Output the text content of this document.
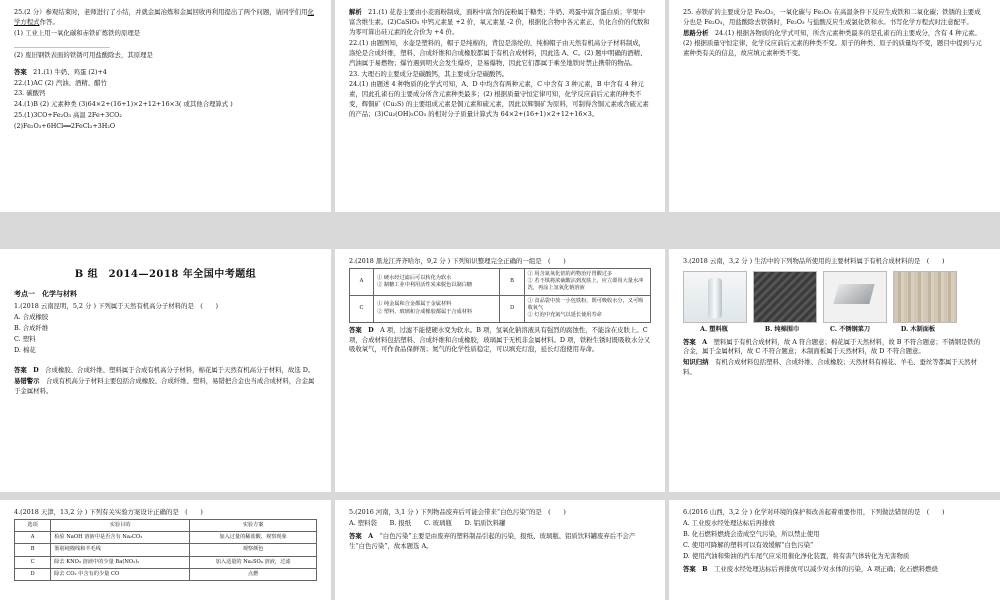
25.(2 分）参观结束时，老师进行了小结，并就金属冶炼和金属回收再利用提出了两个问题，请同学们用化学方程式作答。

(1) 工业上用一氧化碳和赤铁矿炼铁的原理是

______________________________

(2) 废旧钢铁表面的铁锈可用盐酸除去，其原理是

答案　 21.(1) 牛奶、鸡蛋 (2)+4

22.(1)AC (2) 汽油、酒精、醋竹

23. 碳酸钙

24.(1)B (2) 元素种类 (3)64×2+(16+1)×2+12+16×3( 或其他合理算式 )

25.(1)3CO+Fe₂O₃ 高温 2Fe+3CO₂

(2)Fe₂O₃+6HCl══2FeCl₃+3H₂O

解析　 21.(1) 花卷主要由小麦面粉制成，面粉中富含的淀粉属于糖类；牛奶、鸡蛋中富含蛋白质；苹果中富含维生素。(2)CaSiO₃ 中钙元素显 +2 价，氧元素显 -2 价，根据化合物中各元素正、负化合价的代数和为零可算出硅元素的化合价为 +4 价。

22.(1) 由题图知，水壶是塑料的，帽子是纯棉的，背包是涤纶的，纯棉帽子由天然有机高分子材料制成，涤纶是合成纤维，塑料、合成纤维和合成橡胶都属于有机合成材料，因此选 A、C。(2) 题中明确的酒精、汽油属于易燃物；爆竹遇到明火会发生爆炸，是易爆物，因此它们都属于乘坐地铁时禁止携带的物品。

23. 大理石的主要成分是碳酸钙，其主要成分是碳酸钙。

24.(1) 由题述 4 种物质的化学式可知，A、D 中均含有两种元素，C 中含有 3 种元素，B 中含有 4 种元素，因此孔雀石的主要成分所含元素种类最多；(2) 根据质量守恒定律可知，化学反应前后元素的种类不变，辉铜矿 (Cu₂S) 的主要组成元素是铜元素和硫元素，因此以辉铜矿为原料，可制得含铜元素或含硫元素的产品；(3)Cu₂(OH)₂CO₃ 的相对分子质量计算式为 64×2+(16+1)×2+12+16×3。

25. 赤铁矿的主要成分是 Fe₂O₃，一氧化碳与 Fe₂O₃ 在高温条件下反应生成铁和二氧化碳；铁锈的主要成分也是 Fe₂O₃，用盐酸除去铁锈时，Fe₂O₃ 与盐酸反应生成氯化铁和水。书写化学方程式时注意配平。

思路分析　 24.(1) 根据各物质的化学式可知，所含元素种类最多的是孔雀石的主要成分，含有 4 种元素。(2) 根据质量守恒定律，化学反应前后元素的种类不变。原子的种类、原子的质量均不变，题目中提到与元素种类有关的信息，故应填元素种类不变。

B 组　2014—2018 年全国中考题组
考点一　化学与材料

1.(2018 云南昆明，5,2 分 ) 下列属于天然有机高分子材料的是　(　　)

A. 合成橡胶

B. 合成纤维

C. 塑料

D. 棉花

答案　 D　 合成橡胶、合成纤维、塑料属于合成有机高分子材料，棉花属于天然有机高分子材料，故选 D。

易错警示　 合成有机高分子材料主要包括合成橡胶、合成纤维、塑料，易错把合金也当成合成材料，合金属于金属材料。

2.(2018 黑龙江齐齐哈尔，9,2 分 ) 下列知识整理完全正确的一组是　(　　)

A	① 硬水经过滤后可以转化为软水
② 制糖工业中利用活性炭来脱色以制白糖	B	① 用含氮氧化铝的药物治疗胃酸过多
② 若不慎将浓硫酸沾到皮肤上，应立即用大量水冲洗，再涂上氢氧化钠溶液
C	① 纯金属和合金都属于金属材料
② 塑料、玻璃和合成橡胶都属于合成材料	D	① 食品袋中放一小包铁粉，既可吸收水分，又可吸收氧气
② 灯泡中充氮气以延长使用寿命

答案　 D　 A 项，过滤不能使硬水变为软水。B 项，氢氧化钠溶液具有强烈的腐蚀性，不能涂在皮肤上。C 项，合成材料包括塑料、合成纤维和合成橡胶，玻璃属于无机非金属材料。D 项，铁粉生锈时既吸收水分又吸收氧气，可作食品保鲜剂；氮气的化学性质稳定，可以填充灯泡，延长灯泡使用寿命。

3.(2018 云南，3,2 分 ) 生活中的下列物品所使用的主要材料属于有机合成材料的是　(　　)

A. 塑料瓶	B. 纯棉围巾	C. 不锈钢菜刀	D. 木制面板

答案　 A　 塑料属于有机合成材料，故 A 符合题意；棉花属于天然材料，故 B 不符合题意；不锈钢是铁的合金，属于金属材料，故 C 不符合题意；木制面板属于天然材料，故 D 不符合题意。

知识归纳　 有机合成材料包括塑料、合成纤维、合成橡胶；天然材料有棉花、羊毛、蚕丝等都属于天然材料。

4.(2018 天津，13,2 分 ) 下列有关实验方案设计正确的是　(　　)

选项	实验目的	实验方案
A	检验 NaOH 溶液中是否含有 Na₂CO₃	加入过量的稀盐酸，观察现象
B	鉴别纯棉线和羊毛线	观察颜色
C	除去 KNO₃ 溶液中的少量 Ba(NO₃)₂	加入适量的 Na₂SO₄ 溶液，过滤
D	除去 CO₂ 中含有的少量 CO	点燃

5.(2016 河南，3,1 分 ) 下列物品废弃后可能会带来“白色污染”的是　(　　)

A. 塑料袋　　B. 报纸　　C. 玻璃瓶　　D. 铝质饮料罐

答案　 A　 “白色污染”主要是由废弃的塑料制品引起的污染，报纸、玻璃瓶、铝质饮料罐废弃后不会产生“白色污染”，故本题选 A。

6.(2016 山西，3,2 分 ) 化学对环境的保护和改善起着重要作用，下列做法错误的是　(　　)

A. 工业废水经处理达标后再排放

B. 化石燃料燃烧会造成空气污染，所以禁止使用

C. 使用可降解的塑料可以有效缓解“白色污染”

D. 使用汽油和柴油的汽车尾气应采用催化净化装置，将有害气体转化为无害物质

答案　 B　 工业废水经处理达标后再排放可以减少对水体的污染，A 项正确；化石燃料燃烧
